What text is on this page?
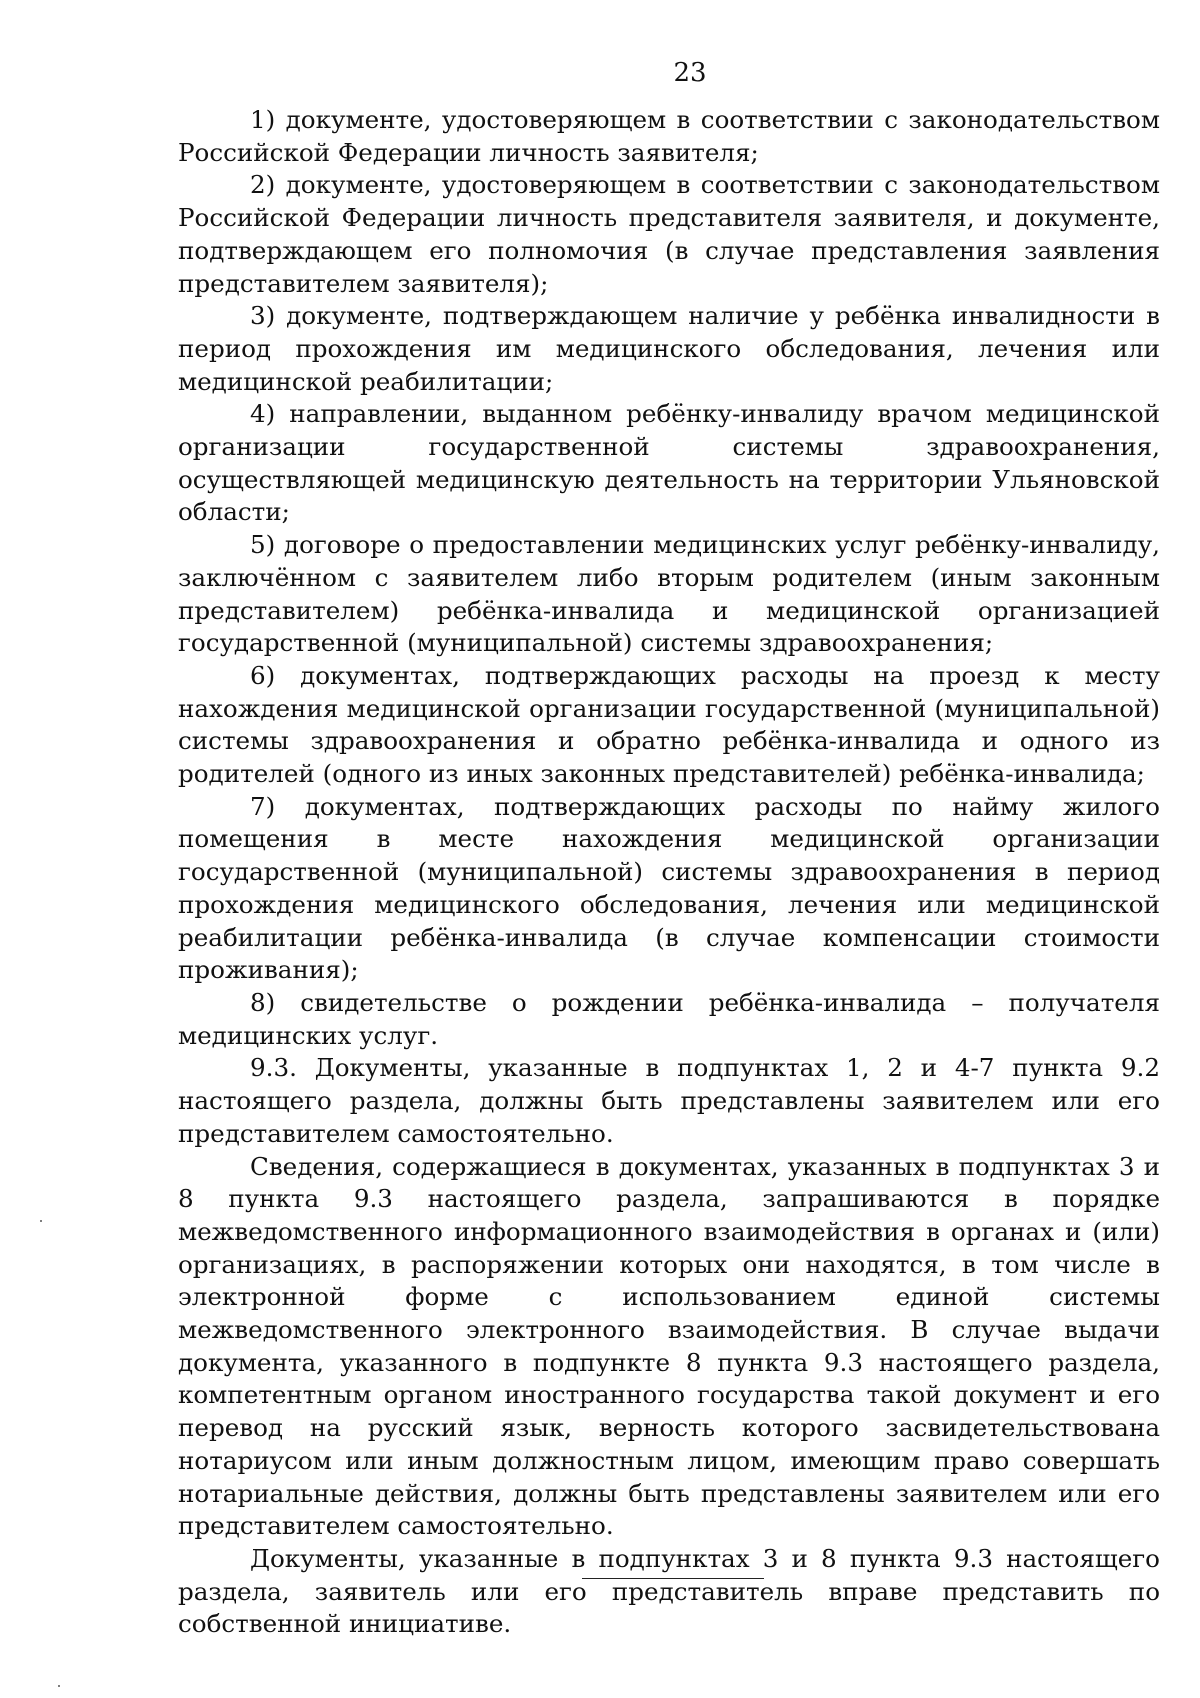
23

1) документе, удостоверяющем в соответствии с законодательством Российской Федерации личность заявителя;

2) документе, удостоверяющем в соответствии с законодательством Российской Федерации личность представителя заявителя, и документе, подтверждающем его полномочия (в случае представления заявления представителем заявителя);

3) документе, подтверждающем наличие у ребёнка инвалидности в период прохождения им медицинского обследования, лечения или медицинской реабилитации;

4) направлении, выданном ребёнку-инвалиду врачом медицинской организации государственной системы здравоохранения, осуществляющей медицинскую деятельность на территории Ульяновской области;

5) договоре о предоставлении медицинских услуг ребёнку-инвалиду, заключённом с заявителем либо вторым родителем (иным законным представителем) ребёнка-инвалида и медицинской организацией государственной (муниципальной) системы здравоохранения;

6) документах, подтверждающих расходы на проезд к месту нахождения медицинской организации государственной (муниципальной) системы здравоохранения и обратно ребёнка-инвалида и одного из родителей (одного из иных законных представителей) ребёнка-инвалида;

7) документах, подтверждающих расходы по найму жилого помещения в месте нахождения медицинской организации государственной (муниципальной) системы здравоохранения в период прохождения медицинского обследования, лечения или медицинской реабилитации ребёнка-инвалида (в случае компенсации стоимости проживания);

8) свидетельстве о рождении ребёнка-инвалида – получателя медицинских услуг.

9.3. Документы, указанные в подпунктах 1, 2 и 4-7 пункта 9.2 настоящего раздела, должны быть представлены заявителем или его представителем самостоятельно.

Сведения, содержащиеся в документах, указанных в подпунктах 3 и 8 пункта 9.3 настоящего раздела, запрашиваются в порядке межведомственного информационного взаимодействия в органах и (или) организациях, в распоряжении которых они находятся, в том числе в электронной форме с использованием единой системы межведомственного электронного взаимодействия. В случае выдачи документа, указанного в подпункте 8 пункта 9.3 настоящего раздела, компетентным органом иностранного государства такой документ и его перевод на русский язык, верность которого засвидетельствована нотариусом или иным должностным лицом, имеющим право совершать нотариальные действия, должны быть представлены заявителем или его представителем самостоятельно.

Документы, указанные в подпунктах 3 и 8 пункта 9.3 настоящего раздела, заявитель или его представитель вправе представить по собственной инициативе.
